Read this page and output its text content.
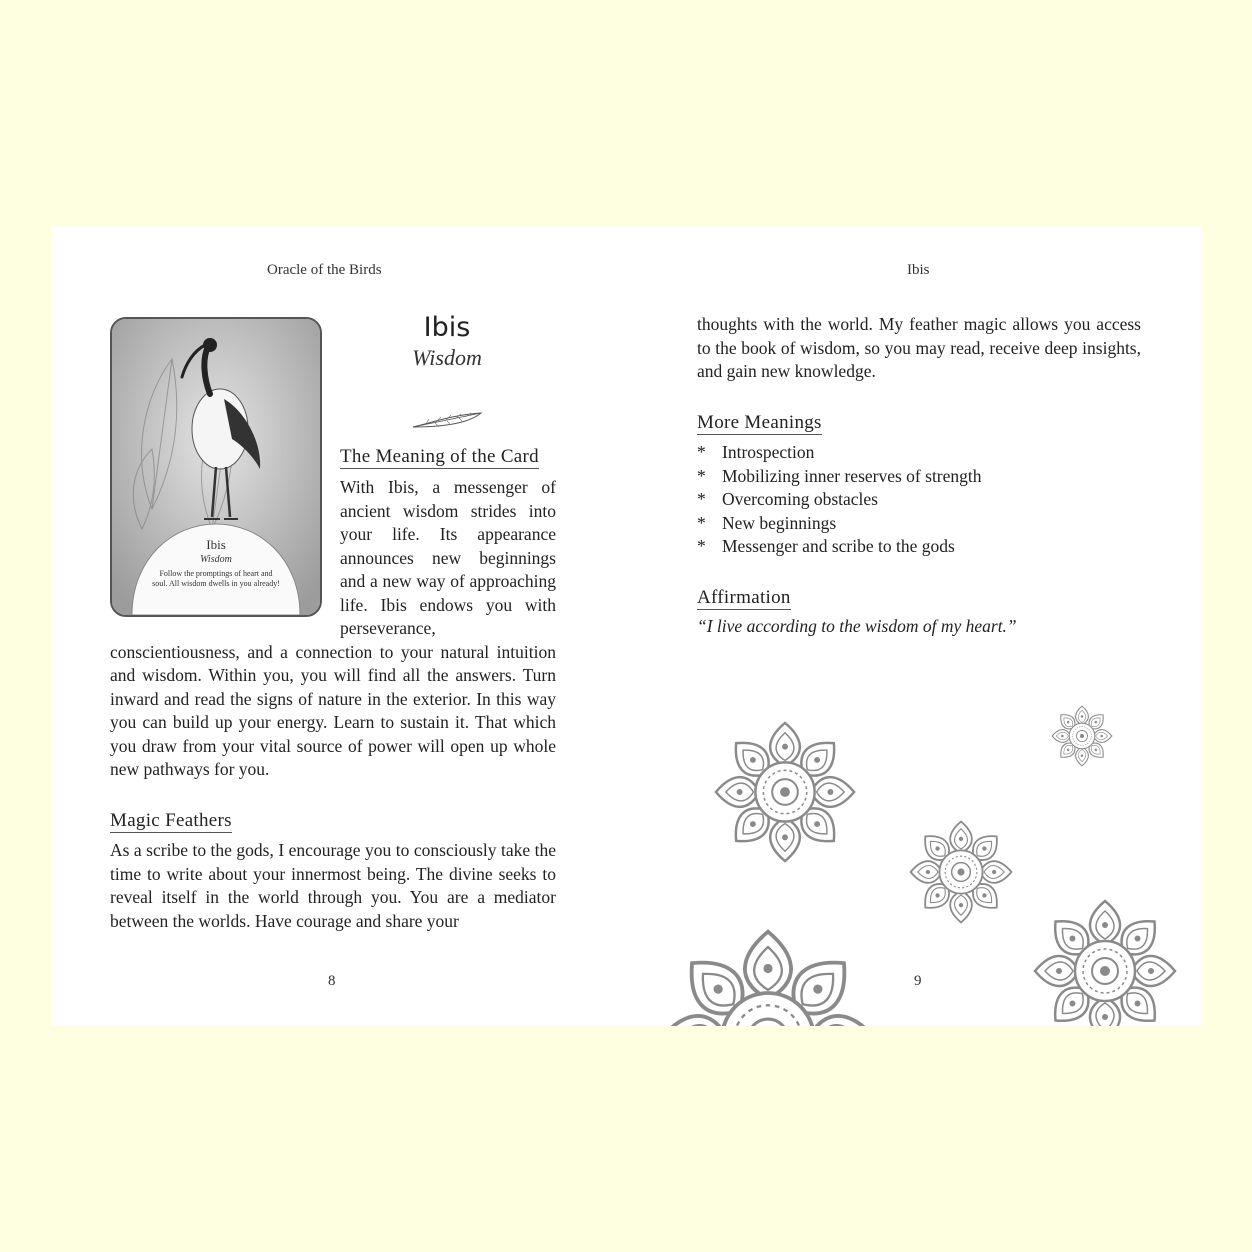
Oracle of the Birds
Ibis
Wisdom
Follow the promptings of heart and soul. All wisdom dwells in you already!
Ibis
Wisdom
The Meaning of the Card

With Ibis, a messenger of ancient wisdom strides into your life. Its appearance announces new beginnings and a new way of approaching life. Ibis endows you with perseverance, conscientiousness, and a connection to your natural intuition and wisdom. Within you, you will find all the answers. Turn inward and read the signs of nature in the exterior. In this way you can build up your energy. Learn to sustain it. That which you draw from your vital source of power will open up whole new pathways for you.

Magic Feathers

As a scribe to the gods, I encourage you to consciously take the time to write about your innermost being. The divine seeks to reveal itself in the world through you. You are a mediator between the worlds. Have courage and share your

8
Ibis

thoughts with the world. My feather magic allows you access to the book of wisdom, so you may read, receive deep insights, and gain new knowledge.

More Meanings
* Introspection
* Mobilizing inner reserves of strength
* Overcoming obstacles
* New beginnings
* Messenger and scribe to the gods
Affirmation
“I live according to the wisdom of my heart.”
9
